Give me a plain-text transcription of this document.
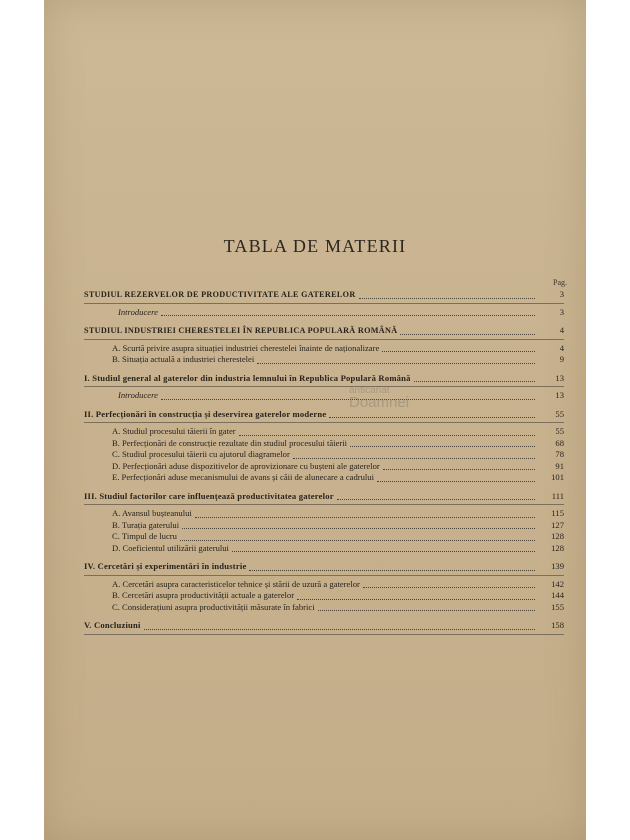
TABLA DE MATERII
Pag.
STUDIUL REZERVELOR DE PRODUCTIVITATE ALE GATERELOR	3
Introducere	3
STUDIUL INDUSTRIEI CHERESTELEI ÎN REPUBLICA POPULARĂ ROMÂNĂ	4
A. Scurtă privire asupra situației industriei cherestelei înainte de naționalizare	4
B. Situația actuală a industriei cherestelei	9
I. Studiul general al gaterelor din industria lemnului în Republica Populară Română	13
Introducere	13
II. Perfecționări în construcția și deservirea gaterelor moderne	55
A. Studiul procesului tăierii în gater	55
B. Perfecționări de construcție rezultate din studiul procesului tăierii	68
C. Studiul procesului tăierii cu ajutorul diagramelor	78
D. Perfecționări aduse dispozitivelor de aprovizionare cu bușteni ale gaterelor	91
E. Perfecționări aduse mecanismului de avans și căii de alunecare a cadrului	101
III. Studiul factorilor care influențează productivitatea gaterelor	111
A. Avansul bușteanului	115
B. Turația gaterului	127
C. Timpul de lucru	128
D. Coeficientul utilizării gaterului	128
IV. Cercetări și experimentări în industrie	139
A. Cercetări asupra caracteristicelor tehnice și stării de uzură a gaterelor	142
B. Cercetări asupra productivității actuale a gaterelor	144
C. Considerațiuni asupra productivității măsurate în fabrici	155
V. Concluziuni	158
anticariat
Doamnei
